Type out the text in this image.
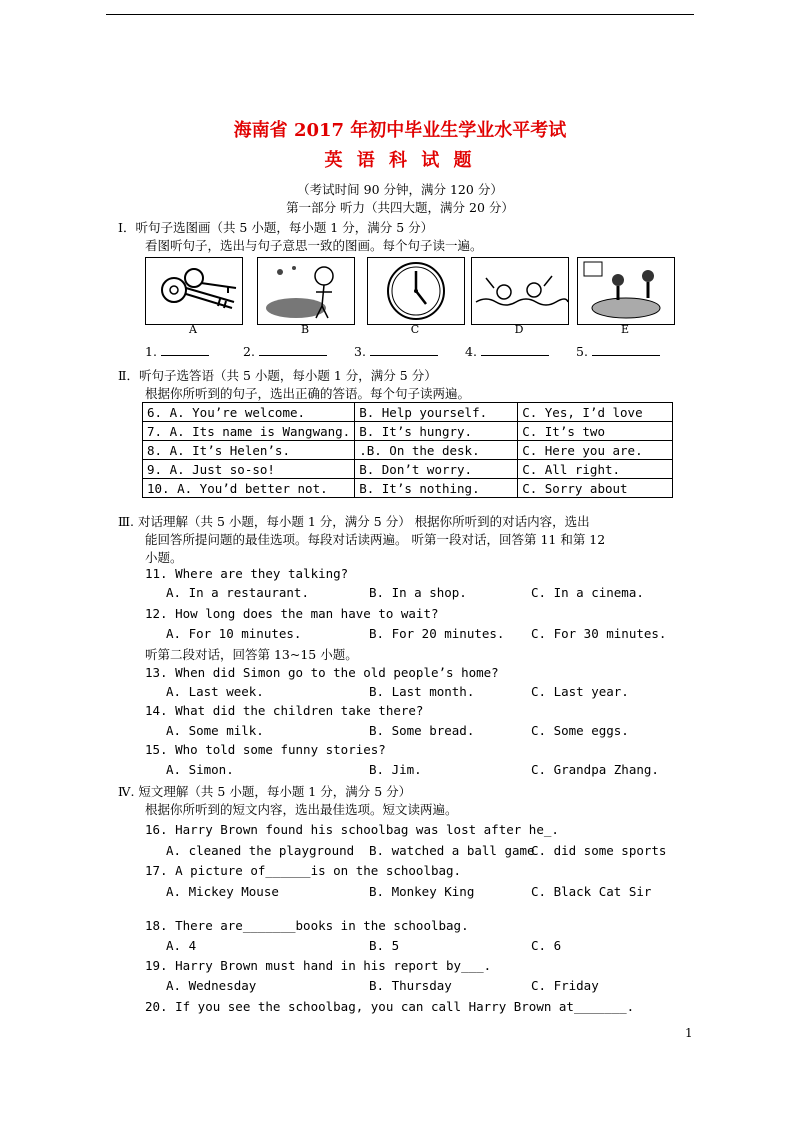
海南省 2017 年初中毕业生学业水平考试
英 语 科 试 题
（考试时间 90 分钟，满分 120 分）
第一部分 听力（共四大题，满分 20 分）
Ⅰ．听句子选图画（共 5 小题，每小题 1 分，满分 5 分）
看图听句子，选出与句子意思一致的图画。每个句子读一遍。
A	B	C	D	E
1.	2.	3.	4.	5.
Ⅱ．听句子选答语（共 5 小题，每小题 1 分，满分 5 分）
根据你所听到的句子，选出正确的答语。每个句子读两遍。
6. A. You’re welcome.	B. Help yourself.	C. Yes, I’d love
7. A. Its name is Wangwang.	B. It’s hungry.	C. It’s two
8. A. It’s Helen’s.	.B. On the desk.	C. Here you are.
9. A. Just so-so!	B. Don’t worry.	C. All right.
10. A. You’d better not.	B. It’s nothing.	C. Sorry about
Ⅲ. 对话理解（共 5 小题，每小题 1 分，满分 5 分） 根据你所听到的对话内容，选出
能回答所提问题的最佳选项。每段对话读两遍。 听第一段对话，回答第 11 和第 12
小题。
11. Where are they talking?
A. In a restaurant.	B. In a shop.	C. In a cinema.
12. How long does the man have to wait?
A. For 10 minutes.	B. For 20 minutes. C. For 30 minutes.
听第二段对话，回答第 13~15 小题。
13. When did Simon go to the old people’s home?
A. Last week.	B. Last month.	C. Last year.
14. What did the children take there?
A. Some milk.	B. Some bread.	C. Some eggs.
15. Who told some funny stories?
A. Simon.	B. Jim.	C. Grandpa Zhang.
Ⅳ. 短文理解（共 5 小题，每小题 1 分，满分 5 分）
根据你所听到的短文内容，选出最佳选项。短文读两遍。
16. Harry Brown found his schoolbag was lost after he_.
A. cleaned the playground B. watched a ball game
C. did some sports
17. A picture of______is on the schoolbag.
A. Mickey Mouse	B. Monkey King	C. Black Cat Sir
18. There are_______books in the schoolbag.
A. 4	B. 5	C. 6
19. Harry Brown must hand in his report by___.
A. Wednesday	B. Thursday	C. Friday
20. If you see the schoolbag, you can call Harry Brown at_______.
1
